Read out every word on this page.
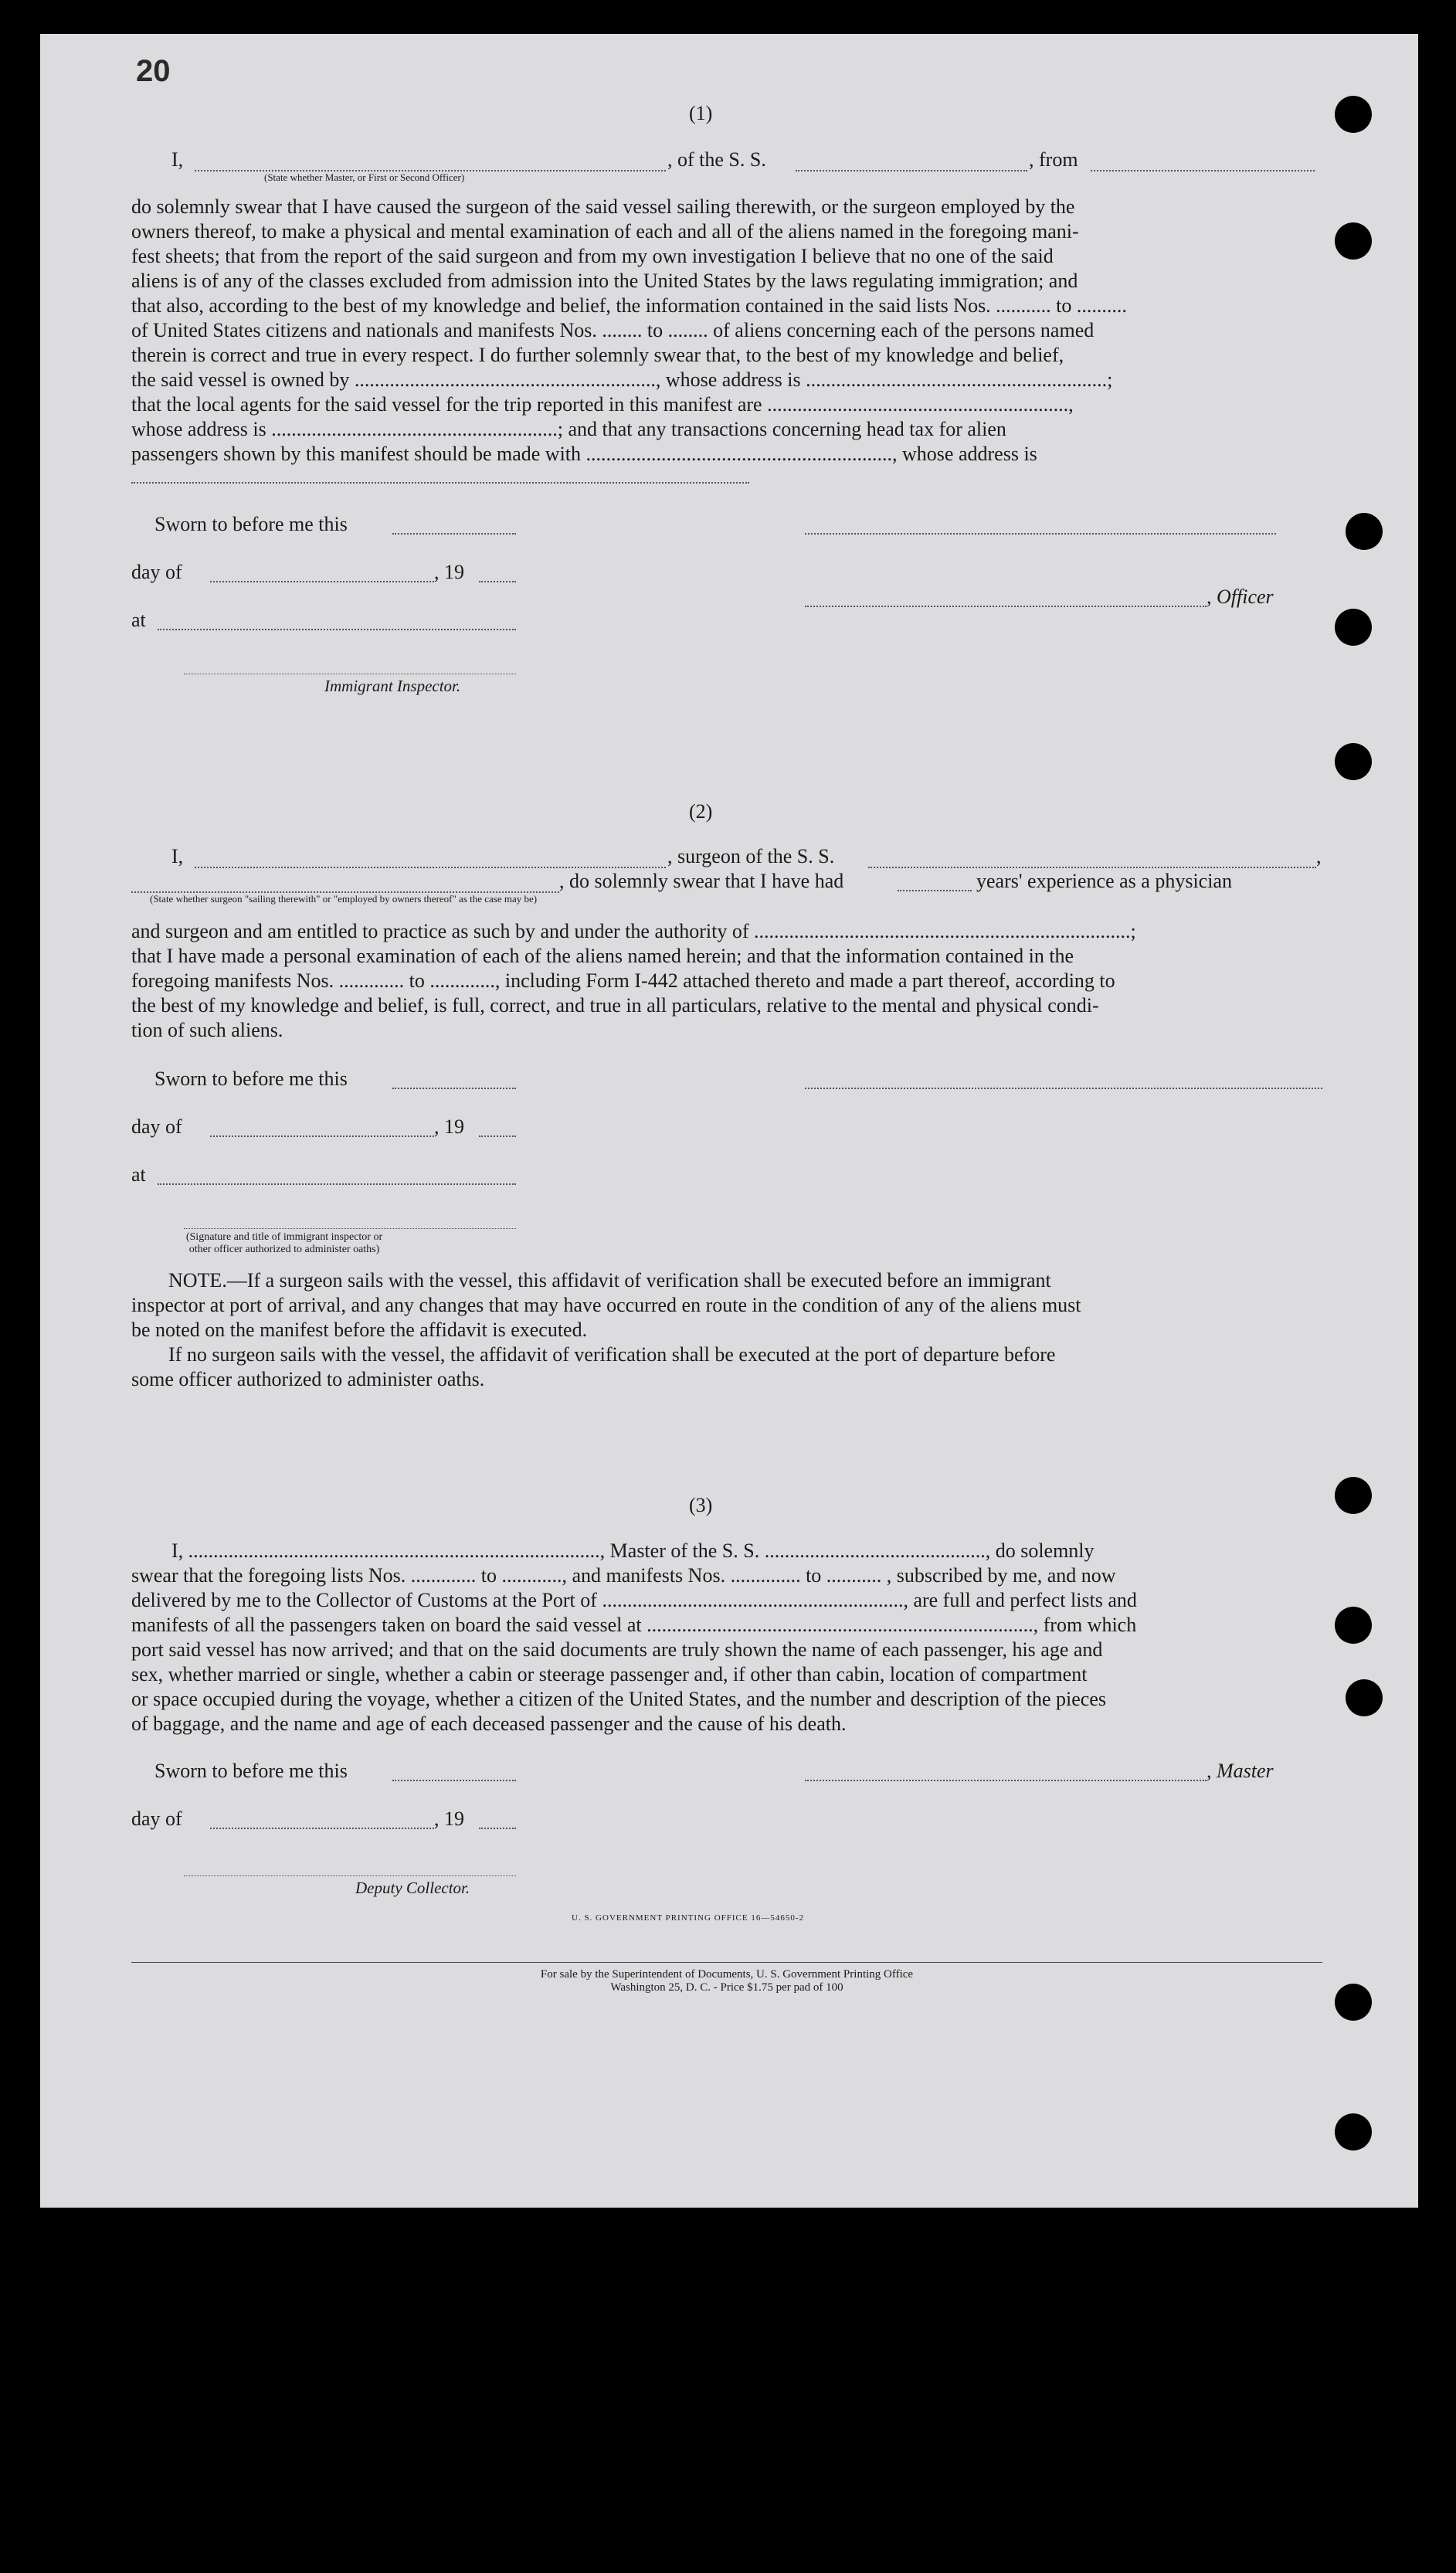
20
(1)
I,	, of the S. S.	, from
(State whether Master, or First or Second Officer)
do solemnly swear that I have caused the surgeon of the said vessel sailing therewith, or the surgeon employed by the
owners thereof, to make a physical and mental examination of each and all of the aliens named in the foregoing mani-
fest sheets; that from the report of the said surgeon and from my own investigation I believe that no one of the said
aliens is of any of the classes excluded from admission into the United States by the laws regulating immigration; and
that also, according to the best of my knowledge and belief, the information contained in the said lists Nos. ........... to ..........
of United States citizens and nationals and manifests Nos. ........ to ........ of aliens concerning each of the persons named
therein is correct and true in every respect. I do further solemnly swear that, to the best of my knowledge and belief,
the said vessel is owned by ............................................................, whose address is ............................................................;
that the local agents for the said vessel for the trip reported in this manifest are ............................................................,
whose address is .........................................................; and that any transactions concerning head tax for alien
passengers shown by this manifest should be made with ............................................................., whose address is
Sworn to before me this
day of	, 19
, Officer
at
Immigrant Inspector.
(2)
I,	, surgeon of the S. S.	,
, do solemnly swear that I have had	years' experience as a physician
(State whether surgeon "sailing therewith" or "employed by owners thereof" as the case may be)
and surgeon and am entitled to practice as such by and under the authority of ...........................................................................;
that I have made a personal examination of each of the aliens named herein; and that the information contained in the
foregoing manifests Nos. ............. to ............., including Form I-442 attached thereto and made a part thereof, according to
the best of my knowledge and belief, is full, correct, and true in all particulars, relative to the mental and physical condi-
tion of such aliens.
Sworn to before me this
day of	, 19
at
(Signature and title of immigrant inspector or
other officer authorized to administer oaths)
NOTE.—If a surgeon sails with the vessel, this affidavit of verification shall be executed before an immigrant
inspector at port of arrival, and any changes that may have occurred en route in the condition of any of the aliens must
be noted on the manifest before the affidavit is executed.
If no surgeon sails with the vessel, the affidavit of verification shall be executed at the port of departure before
some officer authorized to administer oaths.
(3)
I, .................................................................................., Master of the S. S. ............................................, do solemnly
swear that the foregoing lists Nos. ............. to ............, and manifests Nos. .............. to ........... , subscribed by me, and now
delivered by me to the Collector of Customs at the Port of ............................................................, are full and perfect lists and
manifests of all the passengers taken on board the said vessel at ............................................................................., from which
port said vessel has now arrived; and that on the said documents are truly shown the name of each passenger, his age and
sex, whether married or single, whether a cabin or steerage passenger and, if other than cabin, location of compartment
or space occupied during the voyage, whether a citizen of the United States, and the number and description of the pieces
of baggage, and the name and age of each deceased passenger and the cause of his death.
Sworn to before me this	, Master
day of	, 19
Deputy Collector.
U. S. GOVERNMENT PRINTING OFFICE 16—54650-2
For sale by the Superintendent of Documents, U. S. Government Printing Office
Washington 25, D. C. - Price $1.75 per pad of 100
